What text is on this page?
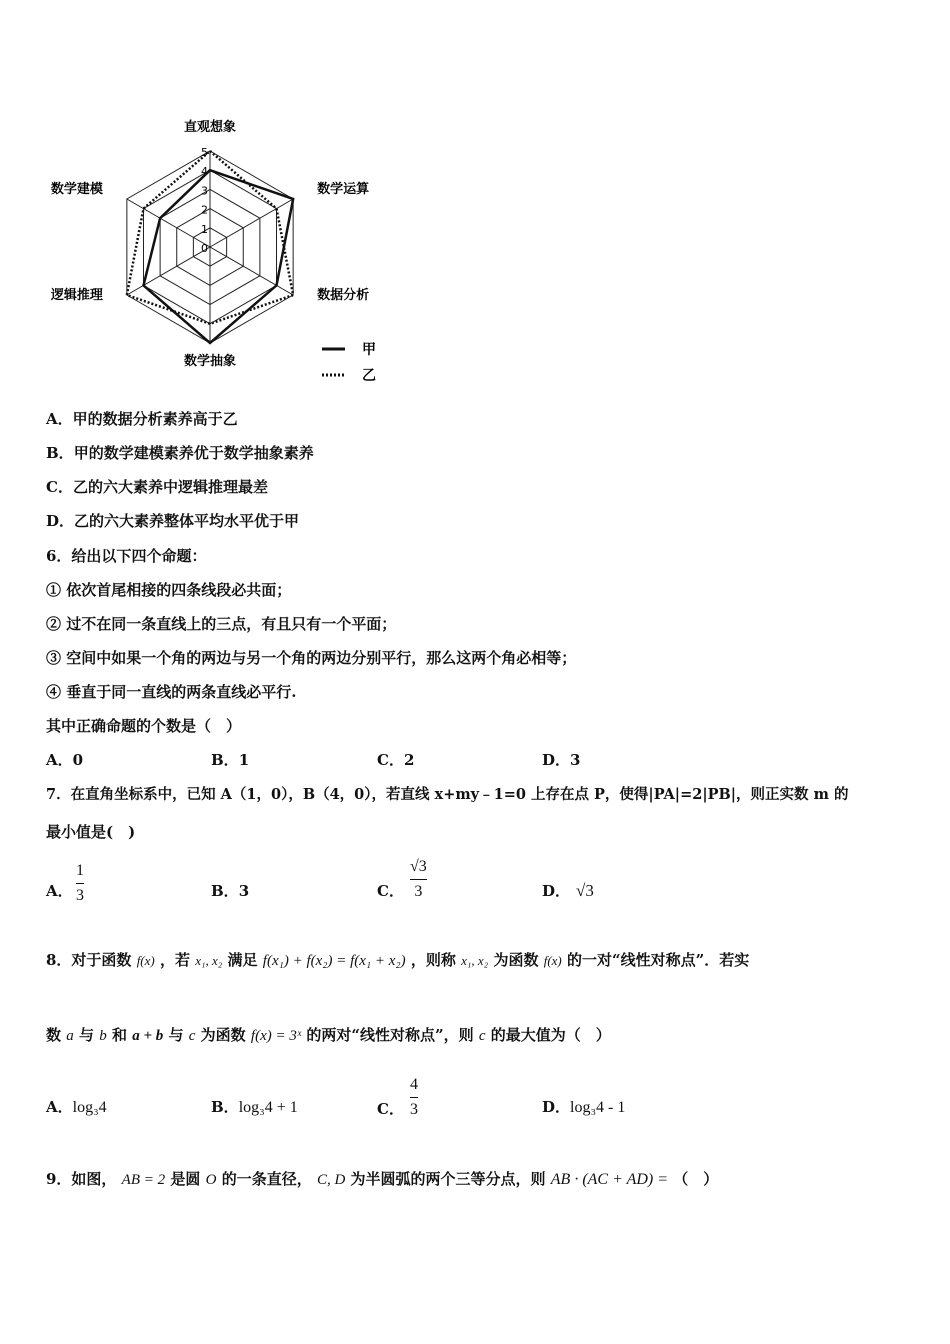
0
1
2
3
4
5
直观想象
数学运算
数据分析
数学抽象
逻辑推理
数学建模
甲
乙
A．甲的数据分析素养高于乙
B．甲的数学建模素养优于数学抽象素养
C．乙的六大素养中逻辑推理最差
D．乙的六大素养整体平均水平优于甲
6．给出以下四个命题：
① 依次首尾相接的四条线段必共面；
② 过不在同一条直线上的三点，有且只有一个平面；
③ 空间中如果一个角的两边与另一个角的两边分别平行，那么这两个角必相等；
④ 垂直于同一直线的两条直线必平行.
其中正确命题的个数是（　）
A．0	B．1	C．2	D．3
7．在直角坐标系中，已知 A（1，0），B（4，0），若直线 x+my﹣1=0 上存在点 P，使得|PA|=2|PB|，则正实数 m 的
最小值是(　)
A．
1
3	B．3	C．
√3
3	D． √3
8．对于函数 f(x) ，若 x₁, x₂ 满足 f(x₁) + f(x₂) = f(x₁ + x₂) ，则称 x₁, x₂ 为函数 f(x) 的一对“线性对称点”．若实
数 a 与 b 和 a + b 与 c 为函数 f(x) = 3ˣ 的两对“线性对称点”，则 c 的最大值为（　）
A．log₃4	B．log₃4 + 1	C．
4
3	D．log₃4 - 1
9．如图， AB = 2 是圆 O 的一条直径， C, D 为半圆弧的两个三等分点，则 AB · (AC + AD) = （　）
